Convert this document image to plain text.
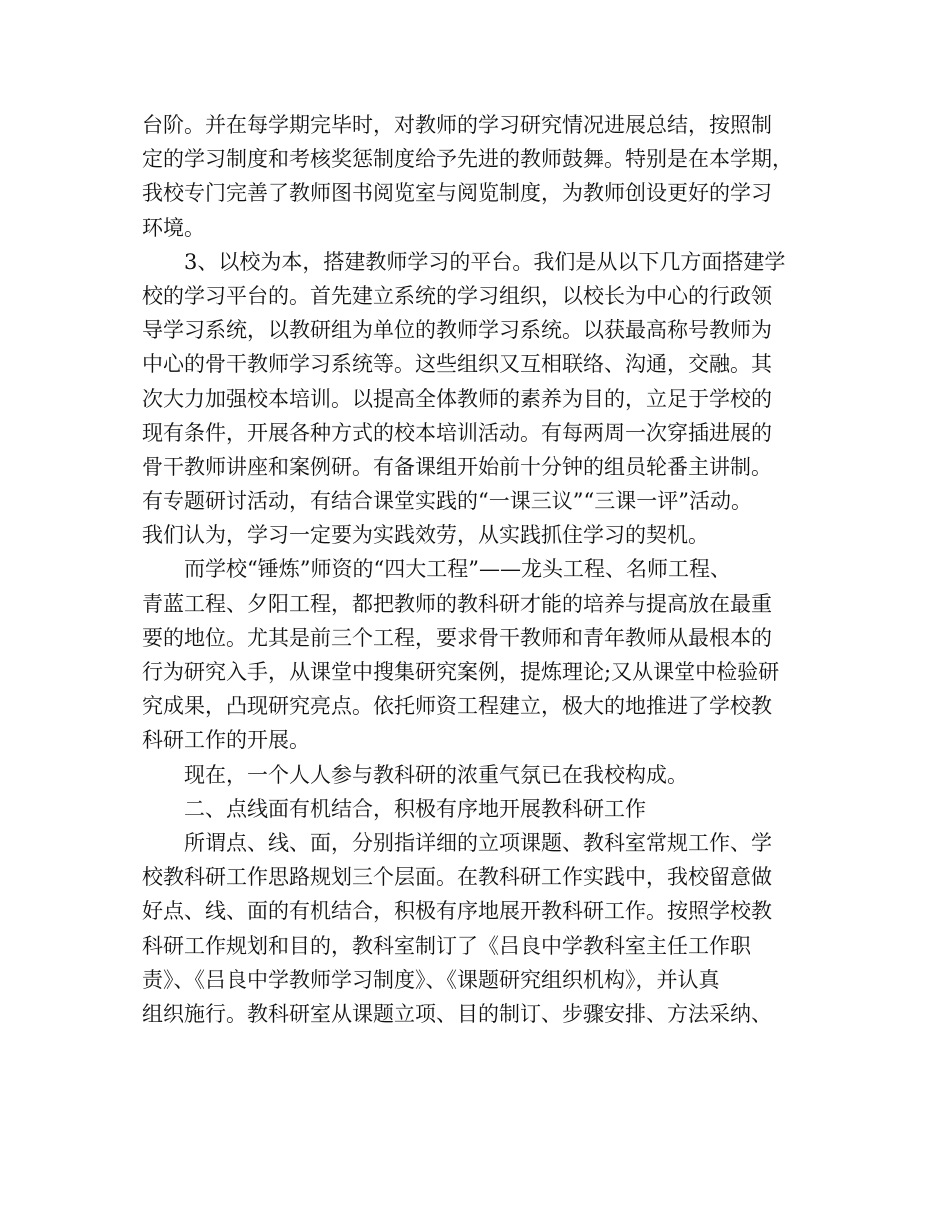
台阶。并在每学期完毕时，对教师的学习研究情况进展总结，按照制
定的学习制度和考核奖惩制度给予先进的教师鼓舞。特别是在本学期，
我校专门完善了教师图书阅览室与阅览制度，为教师创设更好的学习
环境。
　　3、以校为本，搭建教师学习的平台。我们是从以下几方面搭建学
校的学习平台的。首先建立系统的学习组织，以校长为中心的行政领
导学习系统，以教研组为单位的教师学习系统。以获最高称号教师为
中心的骨干教师学习系统等。这些组织又互相联络、沟通，交融。其
次大力加强校本培训。以提高全体教师的素养为目的，立足于学校的
现有条件，开展各种方式的校本培训活动。有每两周一次穿插进展的
骨干教师讲座和案例研。有备课组开始前十分钟的组员轮番主讲制。
有专题研讨活动，有结合课堂实践的“一课三议”“三课一评”活动。
我们认为，学习一定要为实践效劳，从实践抓住学习的契机。
　　而学校“锤炼”师资的“四大工程”——龙头工程、名师工程、
青蓝工程、夕阳工程，都把教师的教科研才能的培养与提高放在最重
要的地位。尤其是前三个工程，要求骨干教师和青年教师从最根本的
行为研究入手，从课堂中搜集研究案例，提炼理论;又从课堂中检验研
究成果，凸现研究亮点。依托师资工程建立，极大的地推进了学校教
科研工作的开展。
　　现在，一个人人参与教科研的浓重气氛已在我校构成。
　　二、点线面有机结合，积极有序地开展教科研工作
　　所谓点、线、面，分别指详细的立项课题、教科室常规工作、学
校教科研工作思路规划三个层面。在教科研工作实践中，我校留意做
好点、线、面的有机结合，积极有序地展开教科研工作。按照学校教
科研工作规划和目的，教科室制订了《吕良中学教科室主任工作职
责》、《吕良中学教师学习制度》、《课题研究组织机构》，并认真
组织施行。教科研室从课题立项、目的制订、步骤安排、方法采纳、
